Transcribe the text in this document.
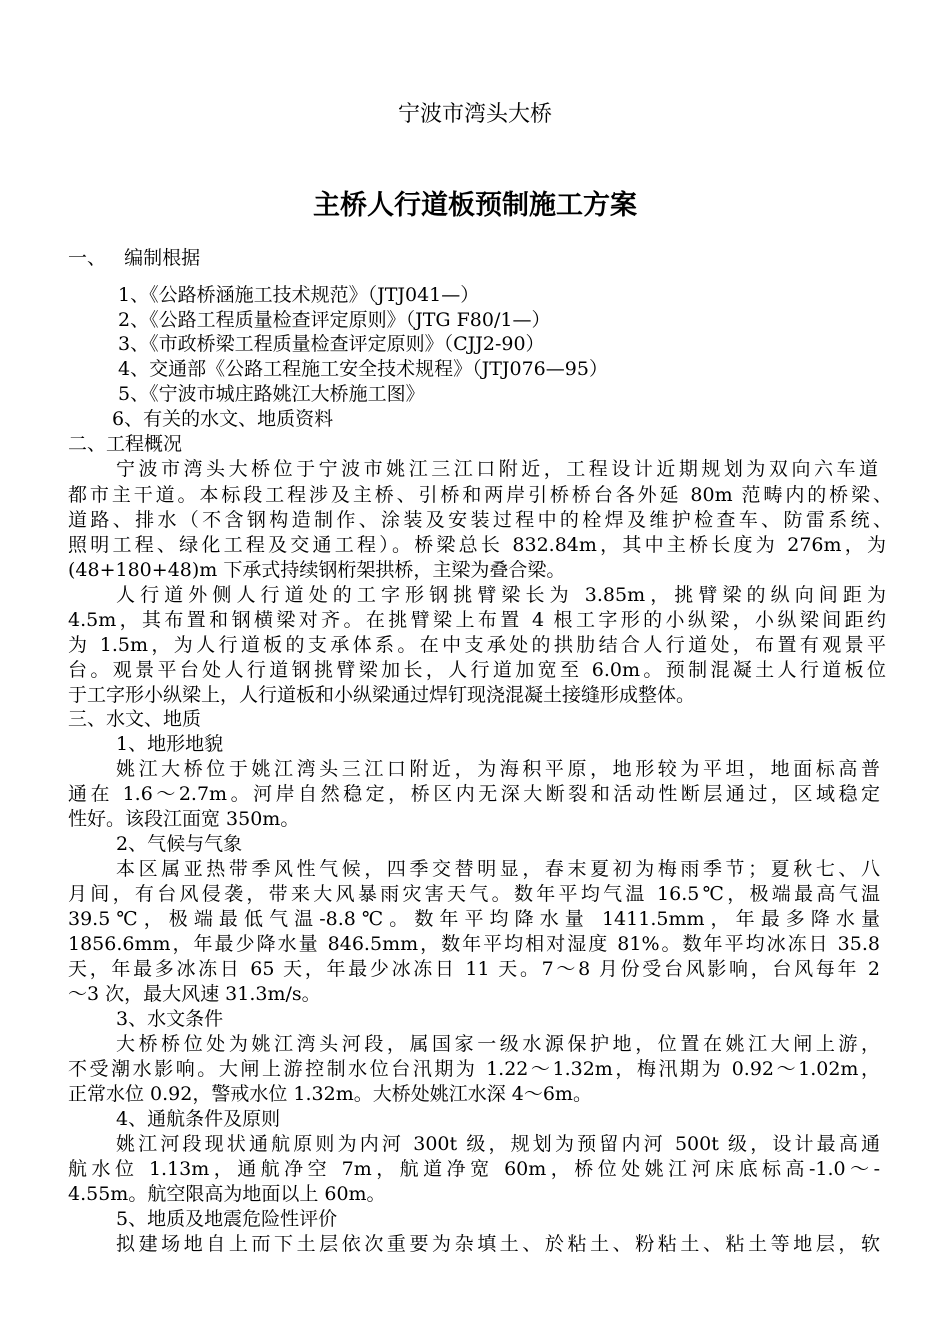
宁波市湾头大桥
主桥人行道板预制施工方案
一、   编制根据
1、《公路桥涵施工技术规范》（JTJ041—）
2、《公路工程质量检查评定原则》（JTG F80/1—）
3、《市政桥梁工程质量检查评定原则》（CJJ2-90）
4、交通部《公路工程施工安全技术规程》（JTJ076—95）
5、《宁波市城庄路姚江大桥施工图》
6、有关的水文、地质资料
二、工程概况
宁波市湾头大桥位于宁波市姚江三江口附近，工程设计近期规划为双向六车道
都市主干道。本标段工程涉及主桥、引桥和两岸引桥桥台各外延 80m 范畴内的桥梁、
道路、排水（不含钢构造制作、涂装及安装过程中的栓焊及维护检查车、防雷系统、
照明工程、绿化工程及交通工程）。桥梁总长 832.84m，其中主桥长度为 276m，为
(48+180+48)m 下承式持续钢桁架拱桥，主梁为叠合梁。
人行道外侧人行道处的工字形钢挑臂梁长为 3.85m，挑臂梁的纵向间距为
4.5m，其布置和钢横梁对齐。在挑臂梁上布置 4 根工字形的小纵梁，小纵梁间距约
为 1.5m，为人行道板的支承体系。在中支承处的拱肋结合人行道处，布置有观景平
台。观景平台处人行道钢挑臂梁加长，人行道加宽至 6.0m。预制混凝土人行道板位
于工字形小纵梁上，人行道板和小纵梁通过焊钉现浇混凝土接缝形成整体。
三、水文、地质
1、地形地貌
姚江大桥位于姚江湾头三江口附近，为海积平原，地形较为平坦，地面标高普
通在 1.6～2.7m。河岸自然稳定，桥区内无深大断裂和活动性断层通过，区域稳定
性好。该段江面宽 350m。
2、气候与气象
本区属亚热带季风性气候，四季交替明显，春末夏初为梅雨季节；夏秋七、八
月间，有台风侵袭，带来大风暴雨灾害天气。数年平均气温 16.5℃，极端最高气温
39.5℃，极端最低气温-8.8℃。数年平均降水量 1411.5mm，年最多降水量
1856.6mm，年最少降水量 846.5mm，数年平均相对湿度 81%。数年平均冰冻日 35.8
天，年最多冰冻日 65 天，年最少冰冻日 11 天。7～8 月份受台风影响，台风每年 2
～3 次，最大风速 31.3m/s。
3、水文条件
大桥桥位处为姚江湾头河段，属国家一级水源保护地，位置在姚江大闸上游，
不受潮水影响。大闸上游控制水位台汛期为 1.22～1.32m，梅汛期为 0.92～1.02m，
正常水位 0.92，警戒水位 1.32m。大桥处姚江水深 4～6m。
4、通航条件及原则
姚江河段现状通航原则为内河 300t 级，规划为预留内河 500t 级，设计最高通
航水位 1.13m，通航净空 7m，航道净宽 60m，桥位处姚江河床底标高-1.0～-
4.55m。航空限高为地面以上 60m。
5、地质及地震危险性评价
拟建场地自上而下土层依次重要为杂填土、於粘土、粉粘土、粘土等地层，软
